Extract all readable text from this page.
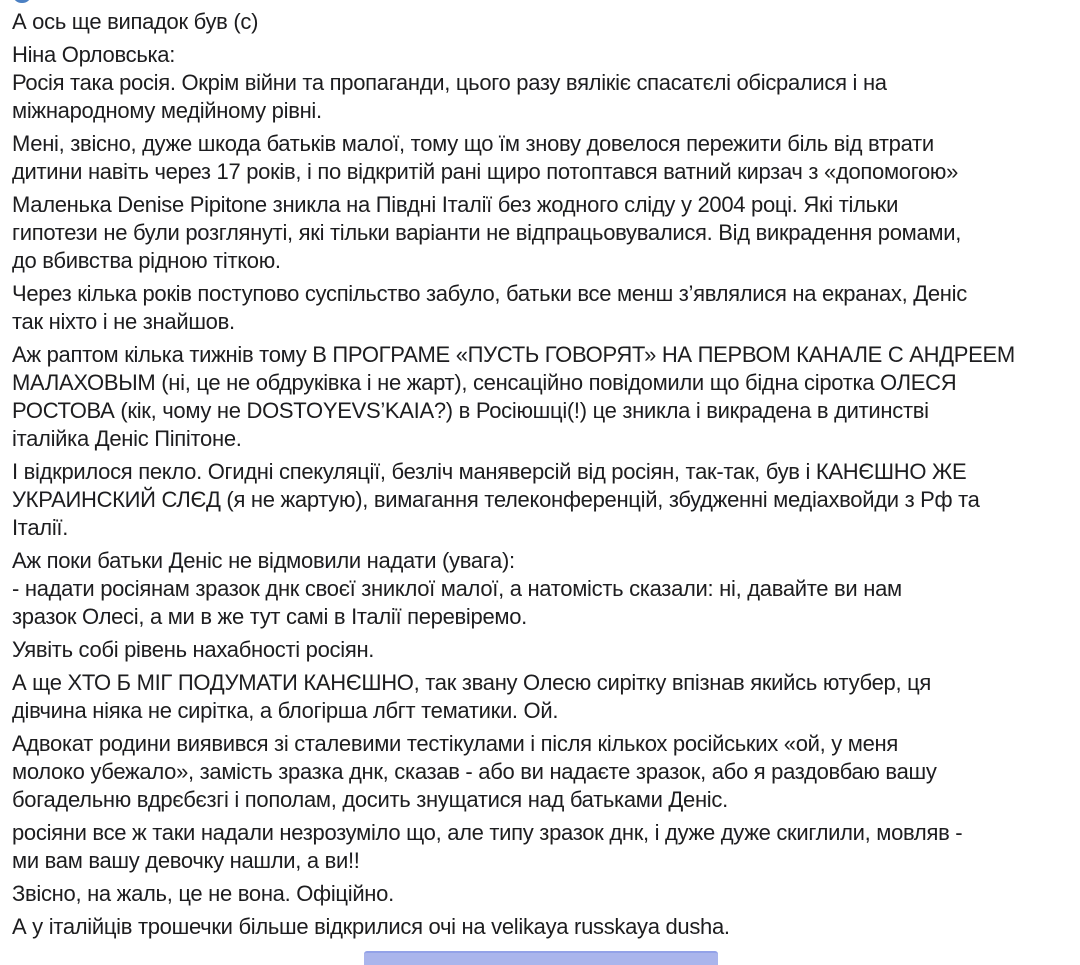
А ось ще випадок був (с)

Ніна Орловська:
Росія така росія. Окрім війни та пропаганди, цього разу вялікіє спасатєлі обісралися і на
міжнародному медійному рівні.

Мені, звісно, дуже шкода батьків малої, тому що їм знову довелося пережити біль від втрати
дитини навіть через 17 років, і по відкритій рані щиро потоптався ватний кирзач з «допомогою»

Маленька Denise Pipitone зникла на Півдні Італії без жодного сліду у 2004 році. Які тільки
гипотези не були розглянуті, які тільки варіанти не відпрацьовувалися. Від викрадення ромами,
до вбивства рідною тіткою.

Через кілька років поступово суспільство забуло, батьки все менш з’являлися на екранах, Деніс
так ніхто і не знайшов.

Аж раптом кілька тижнів тому В ПРОГРАМЕ «ПУСТЬ ГОВОРЯТ» НА ПЕРВОМ КАНАЛЕ С АНДРЕЕМ
МАЛАХОВЫМ (ні, це не обдруківка і не жарт), сенсаційно повідомили що бідна сіротка ОЛЕСЯ
РОСТОВА (кік, чому не DOSTOYEVS’KAIA?) в Росіюшці(!) це зникла і викрадена в дитинстві
італійка Деніс Піпітоне.

І відкрилося пекло. Огидні спекуляції, безліч маняверсій від росіян, так-так, був і КАНЄШНО ЖЕ
УКРАИНСКИЙ СЛЄД (я не жартую), вимагання телеконференцій, збудженні медіахвойди з Рф та
Італії.

Аж поки батьки Деніс не відмовили надати (увага):
- надати росіянам зразок днк своєї зниклої малої, а натомість сказали: ні, давайте ви нам
зразок Олесі, а ми в же тут самі в Італії перевіремо.

Уявіть собі рівень нахабності росіян.

А ще ХТО Б МІГ ПОДУМАТИ КАНЄШНО, так звану Олесю сирітку впізнав якийсь ютубер, ця
дівчина ніяка не сирітка, а блогірша лбгт тематики. Ой.

Адвокат родини виявився зі сталевими тестікулами і після кількох російських «ой, у меня
молоко убежало», замість зразка днк, сказав - або ви надаєте зразок, або я раздовбаю вашу
богадельню вдрєбєзгі і пополам, досить знущатися над батьками Деніс.

росіяни все ж таки надали незрозуміло що, але типу зразок днк, і дуже дуже скиглили, мовляв -
ми вам вашу девочку нашли, а ви!!

Звісно, на жаль, це не вона. Офіційно.

А у італійців трошечки більше відкрилися очі на velikaya russkaya dusha.
